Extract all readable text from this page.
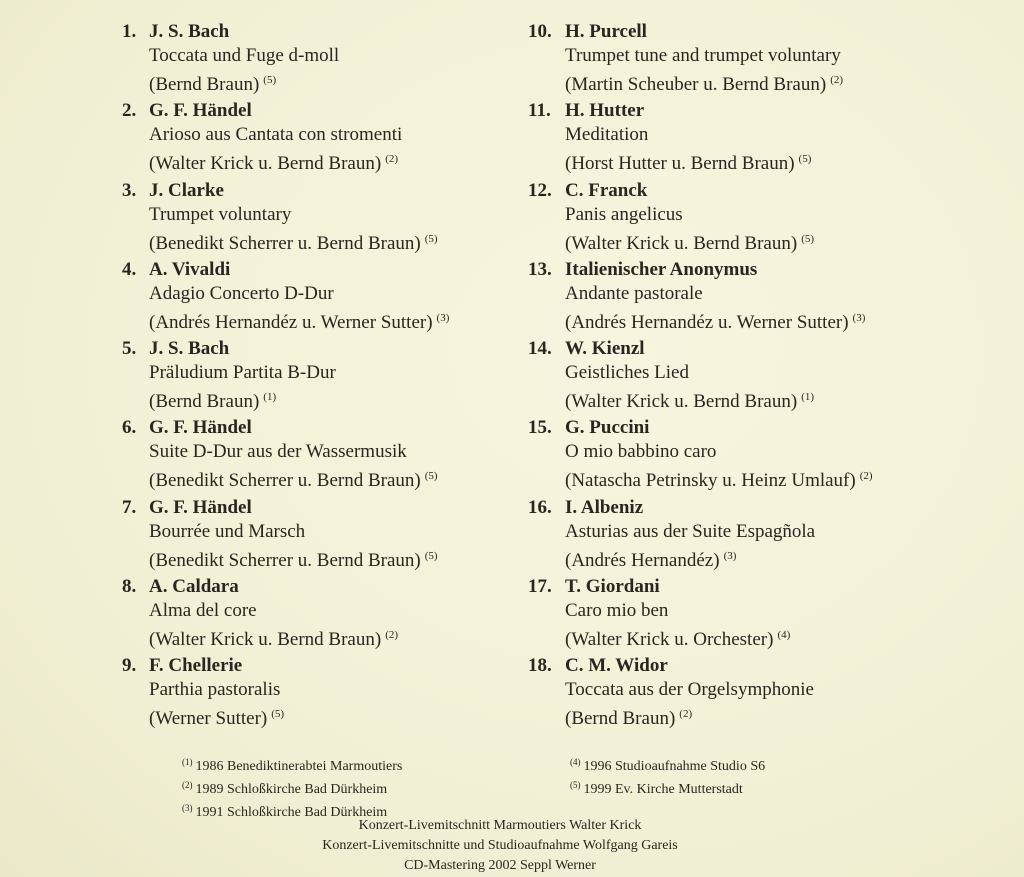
1. J. S. Bach
Toccata und Fuge d-moll
(Bernd Braun) $^{(5)}$
2. G. F. Händel
Arioso aus Cantata con stromenti
(Walter Krick u. Bernd Braun) $^{(2)}$
3. J. Clarke
Trumpet voluntary
(Benedikt Scherrer u. Bernd Braun) $^{(5)}$
4. A. Vivaldi
Adagio Concerto D-Dur
(Andrés Hernandéz u. Werner Sutter) $^{(3)}$
5. J. S. Bach
Präludium Partita B-Dur
(Bernd Braun) $^{(1)}$
6. G. F. Händel
Suite D-Dur aus der Wassermusik
(Benedikt Scherrer u. Bernd Braun) $^{(5)}$
7. G. F. Händel
Bourrée und Marsch
(Benedikt Scherrer u. Bernd Braun) $^{(5)}$
8. A. Caldara
Alma del core
(Walter Krick u. Bernd Braun) $^{(2)}$
9. F. Chellerie
Parthia pastoralis
(Werner Sutter) $^{(5)}$
10. H. Purcell
Trumpet tune and trumpet voluntary
(Martin Scheuber u. Bernd Braun) $^{(2)}$
11. H. Hutter
Meditation
(Horst Hutter u. Bernd Braun) $^{(5)}$
12. C. Franck
Panis angelicus
(Walter Krick u. Bernd Braun) $^{(5)}$
13. Italienischer Anonymus
Andante pastorale
(Andrés Hernandéz u. Werner Sutter) $^{(3)}$
14. W. Kienzl
Geistliches Lied
(Walter Krick u. Bernd Braun) $^{(1)}$
15. G. Puccini
O mio babbino caro
(Natascha Petrinsky u. Heinz Umlauf) $^{(2)}$
16. I. Albeniz
Asturias aus der Suite Espagñola
(Andrés Hernandéz) $^{(3)}$
17. T. Giordani
Caro mio ben
(Walter Krick u. Orchester) $^{(4)}$
18. C. M. Widor
Toccata aus der Orgelsymphonie
(Bernd Braun) $^{(2)}$
$^{(1)}$ 1986 Benediktinerabtei Marmoutiers
$^{(2)}$ 1989 Schloßkirche Bad Dürkheim
$^{(3)}$ 1991 Schloßkirche Bad Dürkheim
$^{(4)}$ 1996 Studioaufnahme Studio S6
$^{(5)}$ 1999 Ev. Kirche Mutterstadt
Konzert-Livemitschnitt Marmoutiers Walter Krick
Konzert-Livemitschnitte und Studioaufnahme Wolfgang Gareis
CD-Mastering 2002 Seppl Werner
